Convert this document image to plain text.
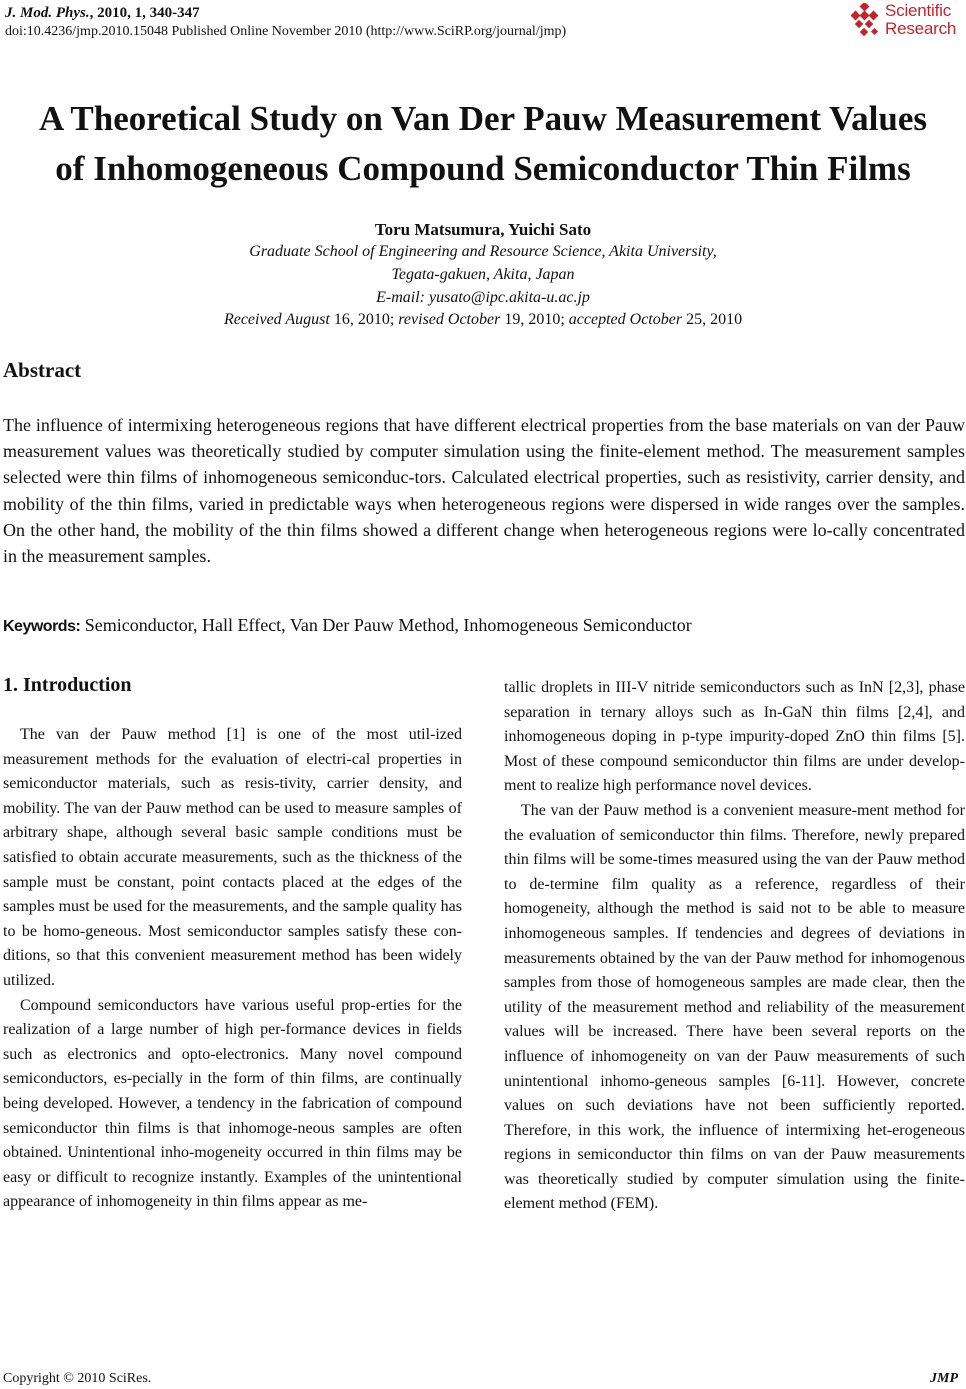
J. Mod. Phys., 2010, 1, 340-347
doi:10.4236/jmp.2010.15048 Published Online November 2010 (http://www.SciRP.org/journal/jmp)
Scientific
Research
A Theoretical Study on Van Der Pauw Measurement Values
of Inhomogeneous Compound Semiconductor Thin Films
Toru Matsumura, Yuichi Sato
Graduate School of Engineering and Resource Science, Akita University,
Tegata-gakuen, Akita, Japan
E-mail: yusato@ipc.akita-u.ac.jp
Received August 16, 2010; revised October 19, 2010; accepted October 25, 2010
Abstract
The influence of intermixing heterogeneous regions that have different electrical properties from the base materials on van der Pauw measurement values was theoretically studied by computer simulation using the finite-element method. The measurement samples selected were thin films of inhomogeneous semiconduc-tors. Calculated electrical properties, such as resistivity, carrier density, and mobility of the thin films, varied in predictable ways when heterogeneous regions were dispersed in wide ranges over the samples. On the other hand, the mobility of the thin films showed a different change when heterogeneous regions were lo-cally concentrated in the measurement samples.
Keywords: Semiconductor, Hall Effect, Van Der Pauw Method, Inhomogeneous Semiconductor
1. Introduction

The van der Pauw method [1] is one of the most util-ized measurement methods for the evaluation of electri-cal properties in semiconductor materials, such as resis-tivity, carrier density, and mobility. The van der Pauw method can be used to measure samples of arbitrary shape, although several basic sample conditions must be satisfied to obtain accurate measurements, such as the thickness of the sample must be constant, point contacts placed at the edges of the samples must be used for the measurements, and the sample quality has to be homo-geneous. Most semiconductor samples satisfy these con-ditions, so that this convenient measurement method has been widely utilized.

Compound semiconductors have various useful prop-erties for the realization of a large number of high per-formance devices in fields such as electronics and opto-electronics. Many novel compound semiconductors, es-pecially in the form of thin films, are continually being developed. However, a tendency in the fabrication of compound semiconductor thin films is that inhomoge-neous samples are often obtained. Unintentional inho-mogeneity occurred in thin films may be easy or difficult to recognize instantly. Examples of the unintentional appearance of inhomogeneity in thin films appear as me-

tallic droplets in III-V nitride semiconductors such as InN [2,3], phase separation in ternary alloys such as In-GaN thin films [2,4], and inhomogeneous doping in p-type impurity-doped ZnO thin films [5]. Most of these compound semiconductor thin films are under develop-ment to realize high performance novel devices.

The van der Pauw method is a convenient measure-ment method for the evaluation of semiconductor thin films. Therefore, newly prepared thin films will be some-times measured using the van der Pauw method to de-termine film quality as a reference, regardless of their homogeneity, although the method is said not to be able to measure inhomogeneous samples. If tendencies and degrees of deviations in measurements obtained by the van der Pauw method for inhomogenous samples from those of homogeneous samples are made clear, then the utility of the measurement method and reliability of the measurement values will be increased. There have been several reports on the influence of inhomogeneity on van der Pauw measurements of such unintentional inhomo-geneous samples [6-11]. However, concrete values on such deviations have not been sufficiently reported. Therefore, in this work, the influence of intermixing het-erogeneous regions in semiconductor thin films on van der Pauw measurements was theoretically studied by computer simulation using the finite-element method (FEM).

Copyright © 2010 SciRes.	JMP
